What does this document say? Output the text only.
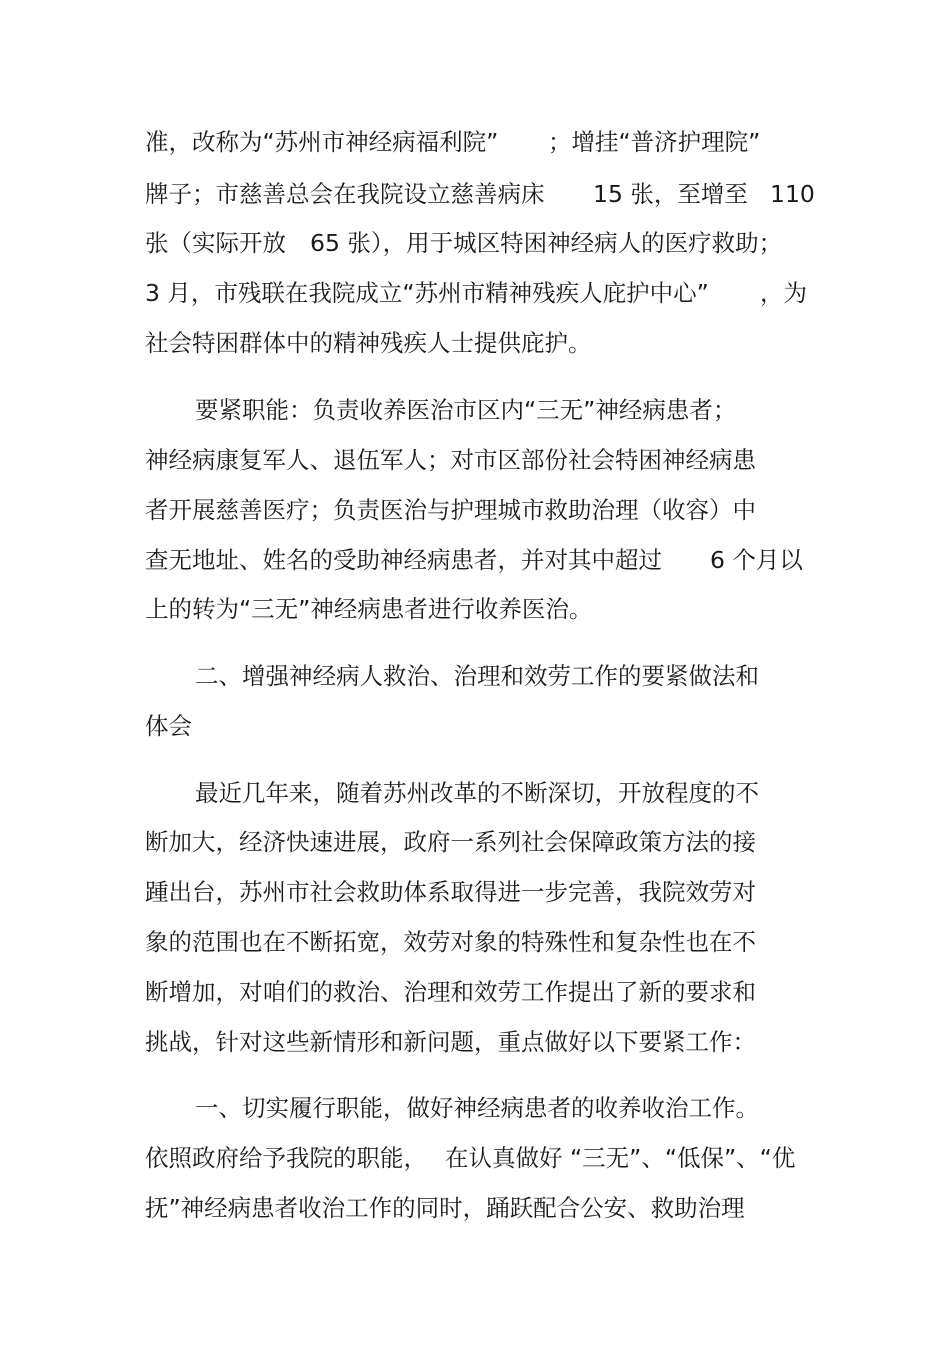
准，改称为“苏州市神经病福利院” ；增挂“普济护理院”
牌子；市慈善总会在我院设立慈善病床 15 张，至增至 110
张（实际开放 65 张），用于城区特困神经病人的医疗救助；
3 月，市残联在我院成立“苏州市精神残疾人庇护中心” ，为
社会特困群体中的精神残疾人士提供庇护。
要紧职能：负责收养医治市区内“三无”神经病患者；
神经病康复军人、退伍军人；对市区部份社会特困神经病患
者开展慈善医疗；负责医治与护理城市救助治理（收容）中
查无地址、姓名的受助神经病患者，并对其中超过 6 个月以
上的转为“三无”神经病患者进行收养医治。
二、增强神经病人救治、治理和效劳工作的要紧做法和
体会
最近几年来，随着苏州改革的不断深切，开放程度的不
断加大，经济快速进展，政府一系列社会保障政策方法的接
踵出台，苏州市社会救助体系取得进一步完善，我院效劳对
象的范围也在不断拓宽，效劳对象的特殊性和复杂性也在不
断增加，对咱们的救治、治理和效劳工作提出了新的要求和
挑战，针对这些新情形和新问题，重点做好以下要紧工作：
一、切实履行职能，做好神经病患者的收养收治工作。
依照政府给予我院的职能， 在认真做好 “三无”、“低保”、“优
抚”神经病患者收治工作的同时，踊跃配合公安、救助治理
